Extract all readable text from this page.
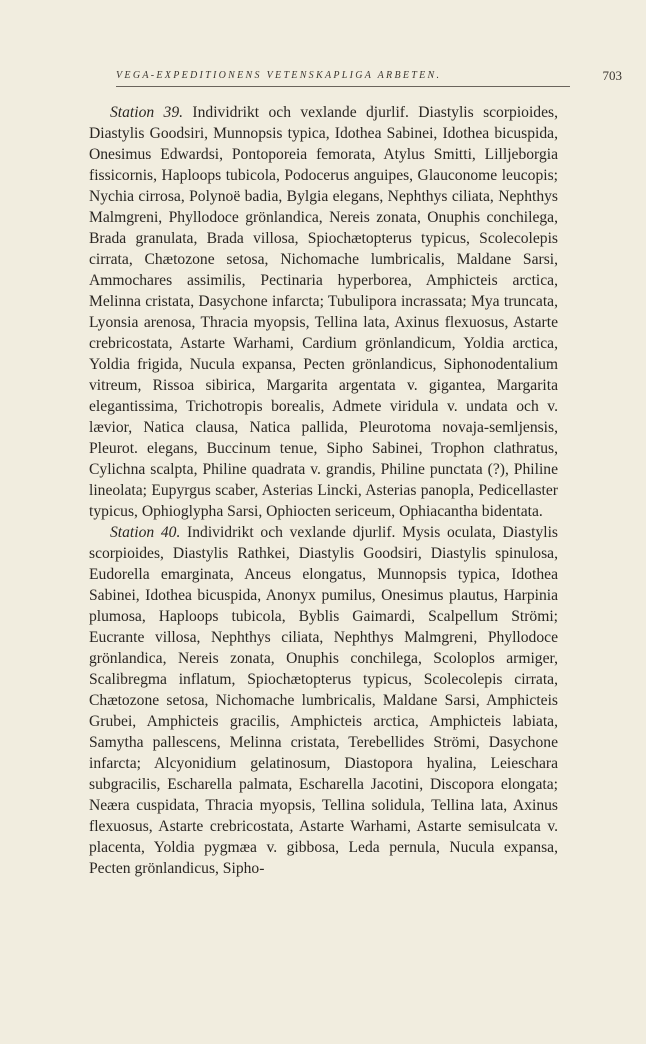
VEGA-EXPEDITIONENS VETENSKAPLIGA ARBETEN.	703

Station 39. Individrikt och vexlande djurlif. Diastylis scorpioides, Diastylis Goodsiri, Munnopsis typica, Idothea Sabinei, Idothea bicuspida, Onesimus Edwardsi, Pontoporeia femorata, Atylus Smitti, Lilljeborgia fissicornis, Haploops tubicola, Podocerus anguipes, Glauconome leucopis; Nychia cirrosa, Polynoë badia, Bylgia elegans, Nephthys ciliata, Nephthys Malmgreni, Phyllodoce grönlandica, Nereis zonata, Onuphis conchilega, Brada granulata, Brada villosa, Spiochætopterus typicus, Scolecolepis cirrata, Chætozone setosa, Nichomache lumbricalis, Maldane Sarsi, Ammochares assimilis, Pectinaria hyperborea, Amphicteis arctica, Melinna cristata, Dasychone infarcta; Tubulipora incrassata; Mya truncata, Lyonsia arenosa, Thracia myopsis, Tellina lata, Axinus flexuosus, Astarte crebricostata, Astarte Warhami, Cardium grönlandicum, Yoldia arctica, Yoldia frigida, Nucula expansa, Pecten grönlandicus, Siphonodentalium vitreum, Rissoa sibirica, Margarita argentata v. gigantea, Margarita elegantissima, Trichotropis borealis, Admete viridula v. undata och v. lævior, Natica clausa, Natica pallida, Pleurotoma novaja-semljensis, Pleurot. elegans, Buccinum tenue, Sipho Sabinei, Trophon clathratus, Cylichna scalpta, Philine quadrata v. grandis, Philine punctata (?), Philine lineolata; Eupyrgus scaber, Asterias Lincki, Asterias panopla, Pedicellaster typicus, Ophioglypha Sarsi, Ophiocten sericeum, Ophiacantha bidentata.

Station 40. Individrikt och vexlande djurlif. Mysis oculata, Diastylis scorpioides, Diastylis Rathkei, Diastylis Goodsiri, Diastylis spinulosa, Eudorella emarginata, Anceus elongatus, Munnopsis typica, Idothea Sabinei, Idothea bicuspida, Anonyx pumilus, Onesimus plautus, Harpinia plumosa, Haploops tubicola, Byblis Gaimardi, Scalpellum Strömi; Eucrante villosa, Nephthys ciliata, Nephthys Malmgreni, Phyllodoce grönlandica, Nereis zonata, Onuphis conchilega, Scoloplos armiger, Scalibregma inflatum, Spiochætopterus typicus, Scolecolepis cirrata, Chætozone setosa, Nichomache lumbricalis, Maldane Sarsi, Amphicteis Grubei, Amphicteis gracilis, Amphicteis arctica, Amphicteis labiata, Samytha pallescens, Melinna cristata, Terebellides Strömi, Dasychone infarcta; Alcyonidium gelatinosum, Diastopora hyalina, Leieschara subgracilis, Escharella palmata, Escharella Jacotini, Discopora elongata; Neæra cuspidata, Thracia myopsis, Tellina solidula, Tellina lata, Axinus flexuosus, Astarte crebricostata, Astarte Warhami, Astarte semisulcata v. placenta, Yoldia pygmæa v. gibbosa, Leda pernula, Nucula expansa, Pecten grönlandicus, Sipho-
